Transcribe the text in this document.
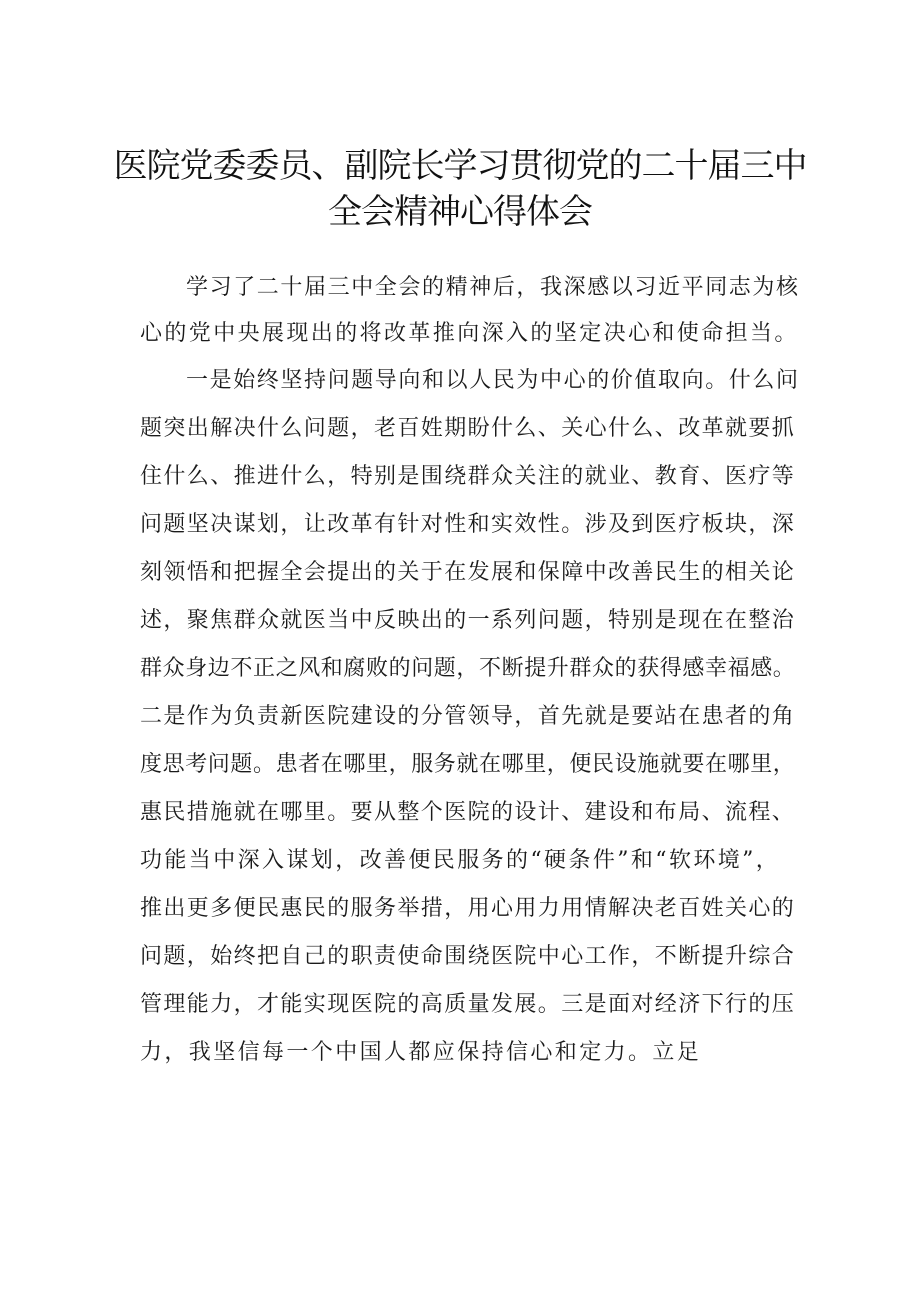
医院党委委员、副院长学习贯彻党的二十届三中
全会精神心得体会
学习了二十届三中全会的精神后，我深感以习近平同志为核
心的党中央展现出的将改革推向深入的坚定决心和使命担当。
一是始终坚持问题导向和以人民为中心的价值取向。什么问
题突出解决什么问题，老百姓期盼什么、关心什么、改革就要抓
住什么、推进什么，特别是围绕群众关注的就业、教育、医疗等
问题坚决谋划，让改革有针对性和实效性。涉及到医疗板块，深
刻领悟和把握全会提出的关于在发展和保障中改善民生的相关论
述，聚焦群众就医当中反映出的一系列问题，特别是现在在整治
群众身边不正之风和腐败的问题，不断提升群众的获得感幸福感。
二是作为负责新医院建设的分管领导，首先就是要站在患者的角
度思考问题。患者在哪里，服务就在哪里，便民设施就要在哪里，
惠民措施就在哪里。要从整个医院的设计、建设和布局、流程、
功能当中深入谋划，改善便民服务的“硬条件”和“软环境”，
推出更多便民惠民的服务举措，用心用力用情解决老百姓关心的
问题，始终把自己的职责使命围绕医院中心工作，不断提升综合
管理能力，才能实现医院的高质量发展。三是面对经济下行的压
力，我坚信每一个中国人都应保持信心和定力。立足
